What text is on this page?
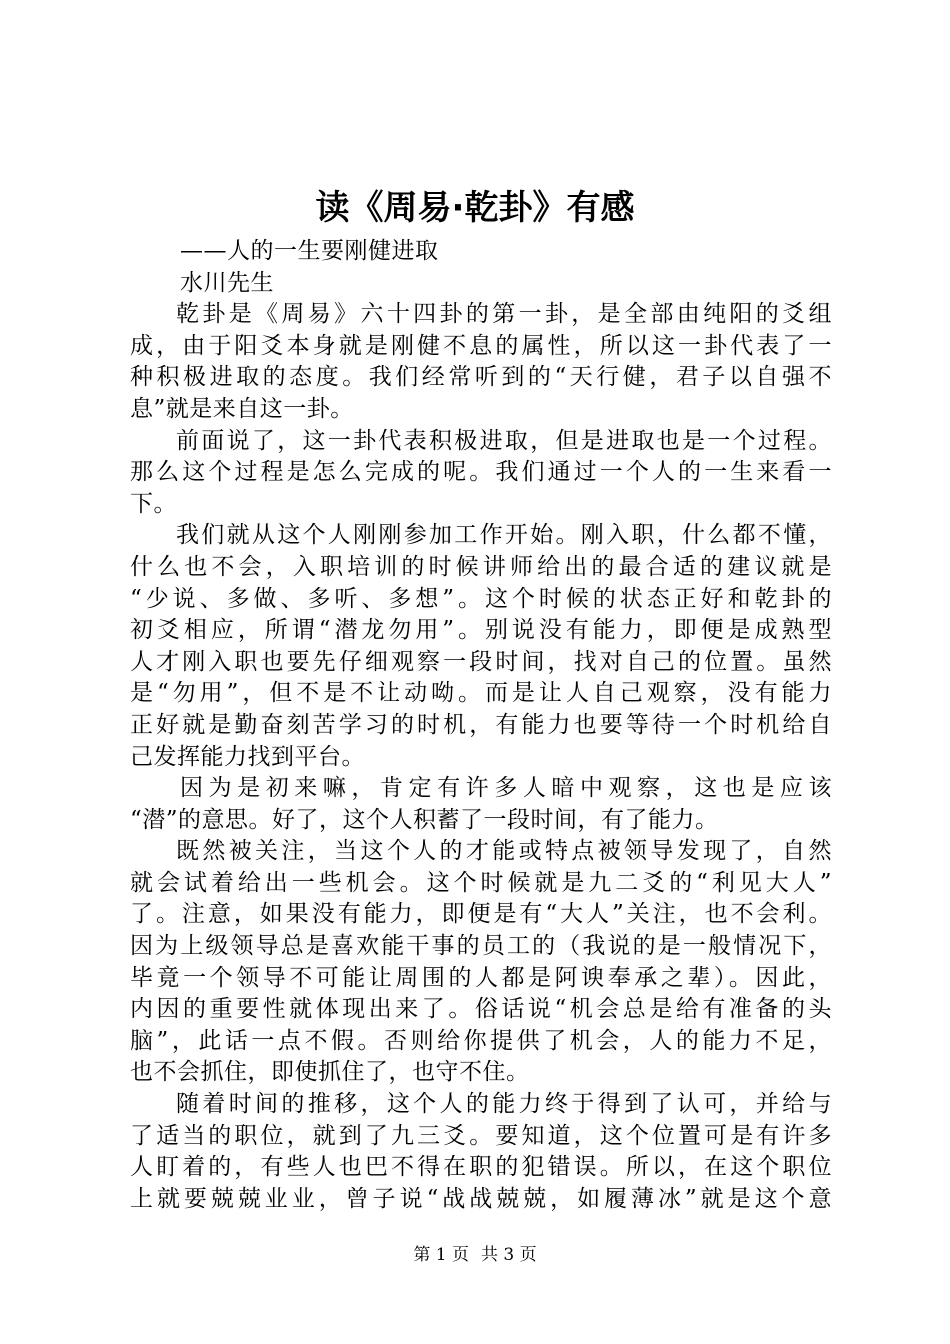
读《周易·乾卦》有感
——人的一生要刚健进取
水川先生
乾卦是《周易》六十四卦的第一卦，是全部由纯阳的爻组
成，由于阳爻本身就是刚健不息的属性，所以这一卦代表了一
种积极进取的态度。我们经常听到的“天行健，君子以自强不
息”就是来自这一卦。
前面说了，这一卦代表积极进取，但是进取也是一个过程。
那么这个过程是怎么完成的呢。我们通过一个人的一生来看一
下。
我们就从这个人刚刚参加工作开始。刚入职，什么都不懂，
什么也不会，入职培训的时候讲师给出的最合适的建议就是
“少说、多做、多听、多想”。这个时候的状态正好和乾卦的
初爻相应，所谓“潜龙勿用”。别说没有能力，即便是成熟型
人才刚入职也要先仔细观察一段时间，找对自己的位置。虽然
是“勿用”，但不是不让动呦。而是让人自己观察，没有能力
正好就是勤奋刻苦学习的时机，有能力也要等待一个时机给自
己发挥能力找到平台。
因为是初来嘛，肯定有许多人暗中观察，这也是应该
“潜”的意思。好了，这个人积蓄了一段时间，有了能力。
既然被关注，当这个人的才能或特点被领导发现了，自然
就会试着给出一些机会。这个时候就是九二爻的“利见大人”
了。注意，如果没有能力，即便是有“大人”关注，也不会利。
因为上级领导总是喜欢能干事的员工的（我说的是一般情况下，
毕竟一个领导不可能让周围的人都是阿谀奉承之辈）。因此，
内因的重要性就体现出来了。俗话说“机会总是给有准备的头
脑”，此话一点不假。否则给你提供了机会，人的能力不足，
也不会抓住，即使抓住了，也守不住。
随着时间的推移，这个人的能力终于得到了认可，并给与
了适当的职位，就到了九三爻。要知道，这个位置可是有许多
人盯着的，有些人也巴不得在职的犯错误。所以，在这个职位
上就要兢兢业业，曾子说“战战兢兢，如履薄冰”就是这个意
第 1 页 共 3 页
